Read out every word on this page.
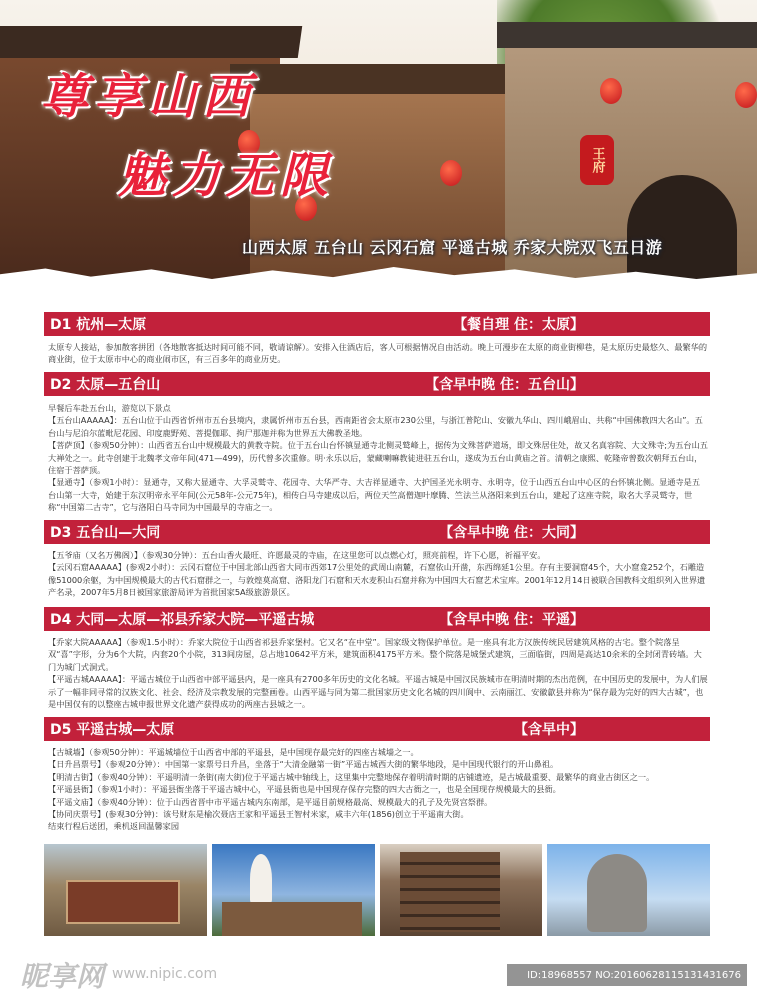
王府
尊享山西
魅力无限
山西太原 五台山 云冈石窟 平遥古城 乔家大院双飞五日游
D1 杭州—太原	【餐自理 住：太原】

太原专人接站，参加散客拼团（各地散客抵达时间可能不同，敬请谅解）。安排入住酒店后，客人可根据情况自由活动。晚上可漫步在太原的商业街柳巷，是太原历史最悠久、最繁华的商业街，位于太原市中心的商业闹市区，有三百多年的商业历史。

D2 太原—五台山	【含早中晚 住：五台山】

早餐后车赴五台山，游览以下景点

【五台山AAAAA】：五台山位于山西省忻州市五台县境内，隶属忻州市五台县，西南距省会太原市230公里，与浙江普陀山、安徽九华山、四川峨眉山、共称“中国佛教四大名山”。五台山与尼泊尔蓝毗尼花园、印度鹿野苑、菩提伽耶、拘尸那迦并称为世界五大佛教圣地。

【菩萨顶】（参观50分钟）：山西省五台山中规模最大的黄教寺院。位于五台山台怀镇显通寺北侧灵鹫峰上，据传为文殊菩萨道场，即文殊居住处，故又名真容院、大文殊寺;为五台山五大禅处之一。此寺创建于北魏孝文帝年间(471—499)，历代曾多次重修。明·永乐以后，蒙藏喇嘛教徒进驻五台山，遂成为五台山黄庙之首。清朝之康熙、乾隆帝曾数次朝拜五台山，住宿于菩萨顶。

【显通寺】（参观1小时）：显通寺，又称大显通寺、大孚灵鹫寺、花园寺、大华严寺、大吉祥显通寺、大护国圣光永明寺、永明寺，位于山西五台山中心区的台怀镇北侧。显通寺是五台山第一大寺，始建于东汉明帝永平年间(公元58年-公元75年)，相传白马寺建成以后，两位天竺高僧迦叶摩腾、竺法兰从洛阳来到五台山，建起了这座寺院，取名大孚灵鹫寺，世称“中国第二古寺”，它与洛阳白马寺同为中国最早的寺庙之一。

D3 五台山—大同	【含早中晚 住：大同】

【五爷庙（又名万佛阁）】（参观30分钟）：五台山香火最旺、许愿最灵的寺庙，在这里您可以点燃心灯，照亮前程，许下心愿，祈福平安。

【云冈石窟AAAAA】(参观2小时）：云冈石窟位于中国北部山西省大同市西郊17公里处的武周山南麓，石窟依山开凿，东西绵延1公里。存有主要洞窟45个，大小窟龛252个，石雕造像51000余躯，为中国规模最大的古代石窟群之一，与敦煌莫高窟、洛阳龙门石窟和天水麦积山石窟并称为中国四大石窟艺术宝库。2001年12月14日被联合国教科文组织列入世界遗产名录，2007年5月8日被国家旅游局评为首批国家5A级旅游景区。

D4 大同—太原—祁县乔家大院—平遥古城	【含早中晚 住：平遥】

【乔家大院AAAAA】（参观1.5小时）：乔家大院位于山西省祁县乔家堡村。它又名“在中堂”。国家级文物保护单位。是一座具有北方汉族传统民居建筑风格的古宅。整个院落呈双“喜”字形，分为6个大院，内套20个小院，313间房屋，总占地10642平方米，建筑面积4175平方米。整个院落是城堡式建筑，三面临街，四周是高达10余米的全封闭青砖墙。大门为城门式洞式。

【平遥古城AAAAA】：平遥古城位于山西省中部平遥县内，是一座具有2700多年历史的文化名城。平遥古城是中国汉民族城市在明清时期的杰出范例，在中国历史的发展中，为人们展示了一幅非同寻常的汉族文化、社会、经济及宗教发展的完整画卷。山西平遥与同为第二批国家历史文化名城的四川阆中、云南丽江、安徽歙县并称为“保存最为完好的四大古城”，也是中国仅有的以整座古城申报世界文化遗产获得成功的两座古县城之一。

D5 平遥古城—太原	【含早中】

【古城墙】（参观50分钟）：平遥城墙位于山西省中部的平遥县，是中国现存最完好的四座古城墙之一。

【日升昌票号】（参观20分钟）：中国第一家票号日升昌，坐落于“大清金融第一街”平遥古城西大街的繁华地段，是中国现代银行的开山鼻祖。

【明清古街】（参观40分钟）：平遥明清一条街(南大街)位于平遥古城中轴线上，这里集中完整地保存着明清时期的店铺遗迹，是古城最重要、最繁华的商业古街区之一。

【平遥县衙】（参观1小时）：平遥县衙坐落于平遥古城中心，平遥县衙也是中国现存保存完整的四大古衙之一，也是全国现存规模最大的县衙。

【平遥文庙】（参观40分钟）：位于山西省晋中市平遥古城内东南部，是平遥目前规格最高、规模最大的孔子及先贤宫祭群。

【协同庆票号】(参观30分钟)：该号财东是榆次聂店王家和平遥县王智村米家，咸丰六年(1856)创立于平遥南大街。

结束行程后送团，乘机返回温馨家园

昵享网 www.nipic.com	ID:18968557 NO:20160628115131431676
